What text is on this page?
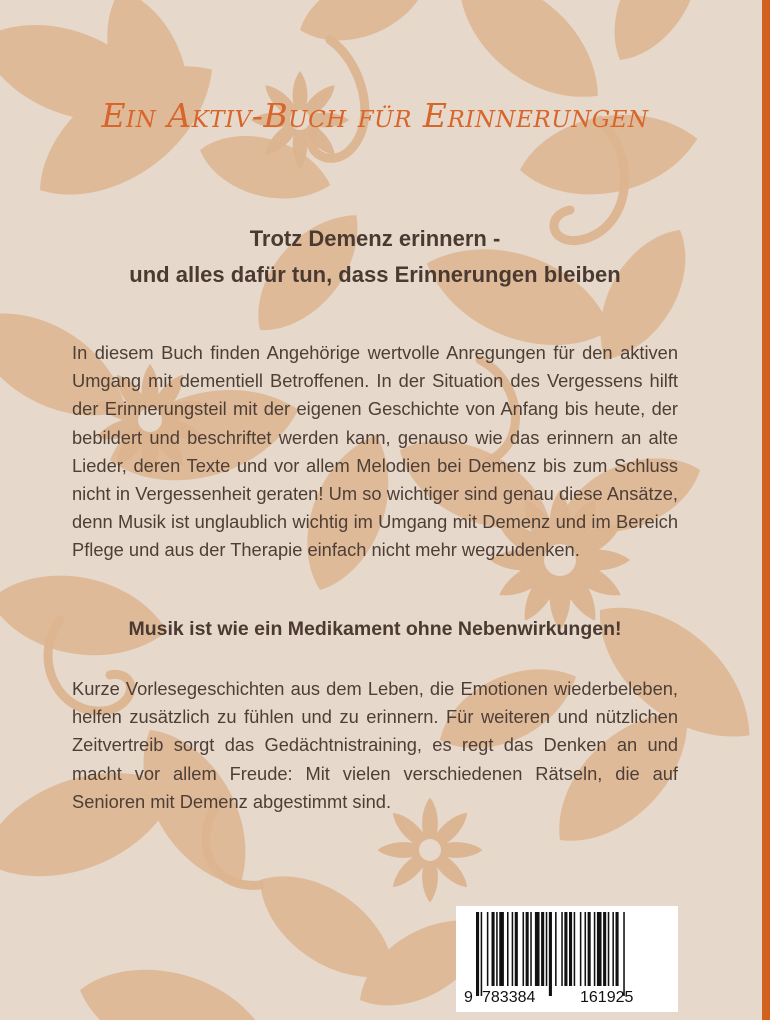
Ein Aktiv-Buch für Erinnerungen

Trotz Demenz erinnern -

und alles dafür tun, dass Erinnerungen bleiben

In diesem Buch finden Angehörige wertvolle Anregungen für den aktiven Umgang mit dementiell Betroffenen. In der Situation des Vergessens hilft der Erinnerungsteil mit der eigenen Geschichte von Anfang bis heute, der bebildert und beschriftet werden kann, genauso wie das erinnern an alte Lieder, deren Texte und vor allem Melodien bei Demenz bis zum Schluss nicht in Vergessenheit geraten! Um so wichtiger sind genau diese Ansätze, denn Musik ist unglaublich wichtig im Umgang mit Demenz und im Bereich Pflege und aus der Therapie einfach nicht mehr wegzudenken.

Musik ist wie ein Medikament ohne Nebenwirkungen!

Kurze Vorlesegeschichten aus dem Leben, die Emotionen wiederbeleben, helfen zusätzlich zu fühlen und zu erinnern. Für weiteren und nützlichen Zeitvertreib sorgt das Gedächtnistraining, es regt das Denken an und macht vor allem Freude: Mit vielen verschiedenen Rätseln, die auf Senioren mit Demenz abgestimmt sind.

9 783384	161925
